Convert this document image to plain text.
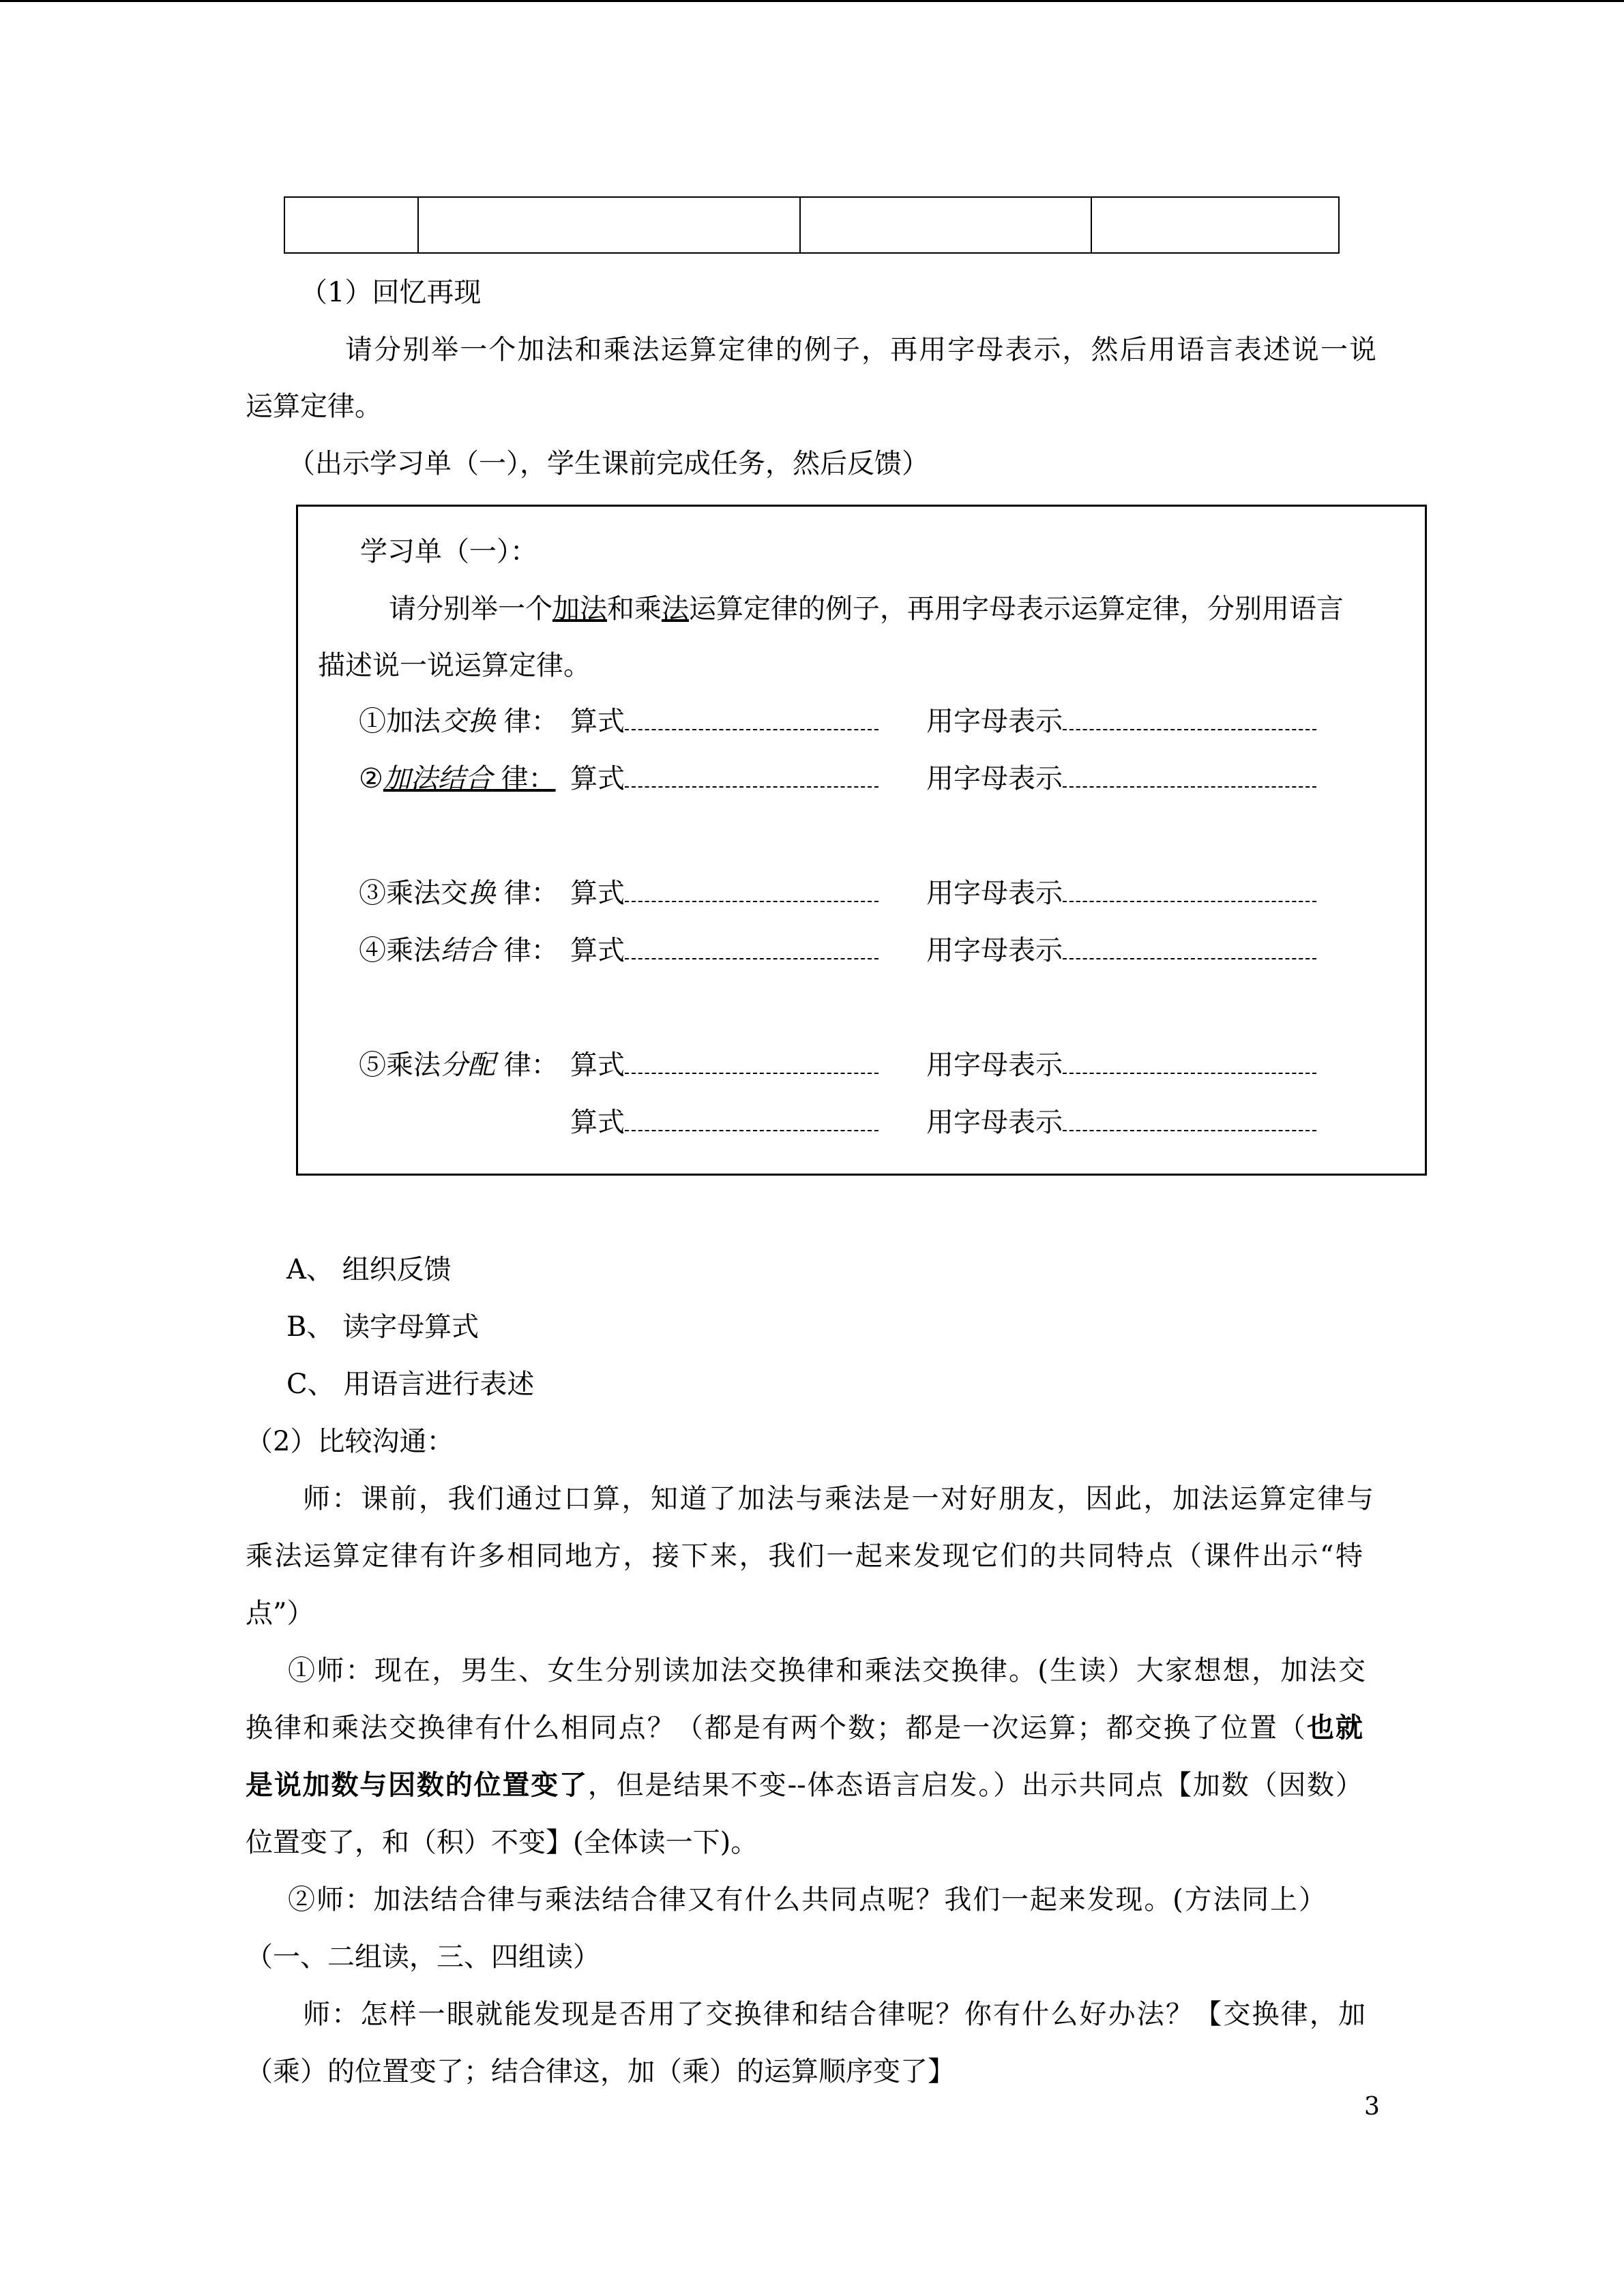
（1）回忆再现
请分别举一个加法和乘法运算定律的例子，再用字母表示，然后用语言表述说一说
运算定律。
（出示学习单（一），学生课前完成任务，然后反馈）
学习单（一）：
请分别举一个加法和乘法运算定律的例子，再用字母表示运算定律，分别用语言
描述说一说运算定律。
①加法交换 律： 算式	用字母表示
②加法结合 律： 算式	用字母表示
③乘法交换 律： 算式	用字母表示
④乘法结合 律： 算式	用字母表示
⑤乘法分配 律： 算式	用字母表示
算式	用字母表示
A、 组织反馈
B、 读字母算式
C、 用语言进行表述
（2）比较沟通：
师：课前，我们通过口算，知道了加法与乘法是一对好朋友，因此，加法运算定律与
乘法运算定律有许多相同地方，接下来，我们一起来发现它们的共同特点（课件出示“特
点”）
①师：现在，男生、女生分别读加法交换律和乘法交换律。(生读）大家想想，加法交
换律和乘法交换律有什么相同点？（都是有两个数；都是一次运算；都交换了位置（也就
是说加数与因数的位置变了，但是结果不变--体态语言启发。）出示共同点【加数（因数）
位置变了，和（积）不变】(全体读一下)。
②师：加法结合律与乘法结合律又有什么共同点呢？我们一起来发现。(方法同上）
（一、二组读，三、四组读）
师：怎样一眼就能发现是否用了交换律和结合律呢？你有什么好办法？【交换律，加
（乘）的位置变了；结合律这，加（乘）的运算顺序变了】
3
